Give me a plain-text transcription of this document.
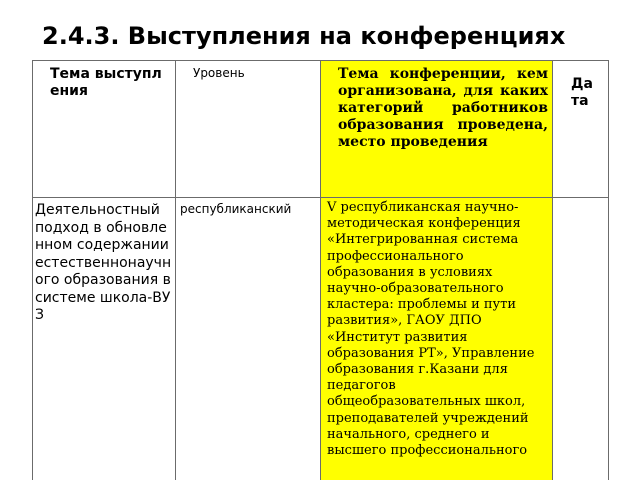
2.4.3. Выступления на конференциях
Тема выступления
Уровень	Тема конференции, кем организована, для каких категорий работников образования проведена, место проведения
Дата
Деятельностный подход в обновленном содержании естественнонаучного образования в системе школа-ВУЗ
республиканский	V республиканская научно-методическая конференция «Интегрированная система профессионального образования в условиях научно-образовательного кластера: проблемы и пути развития», ГАОУ ДПО «Институт развития образования РТ», Управление образования г.Казани для педагогов общеобразовательных школ, преподавателей учреждений начального, среднего и высшего профессионального
